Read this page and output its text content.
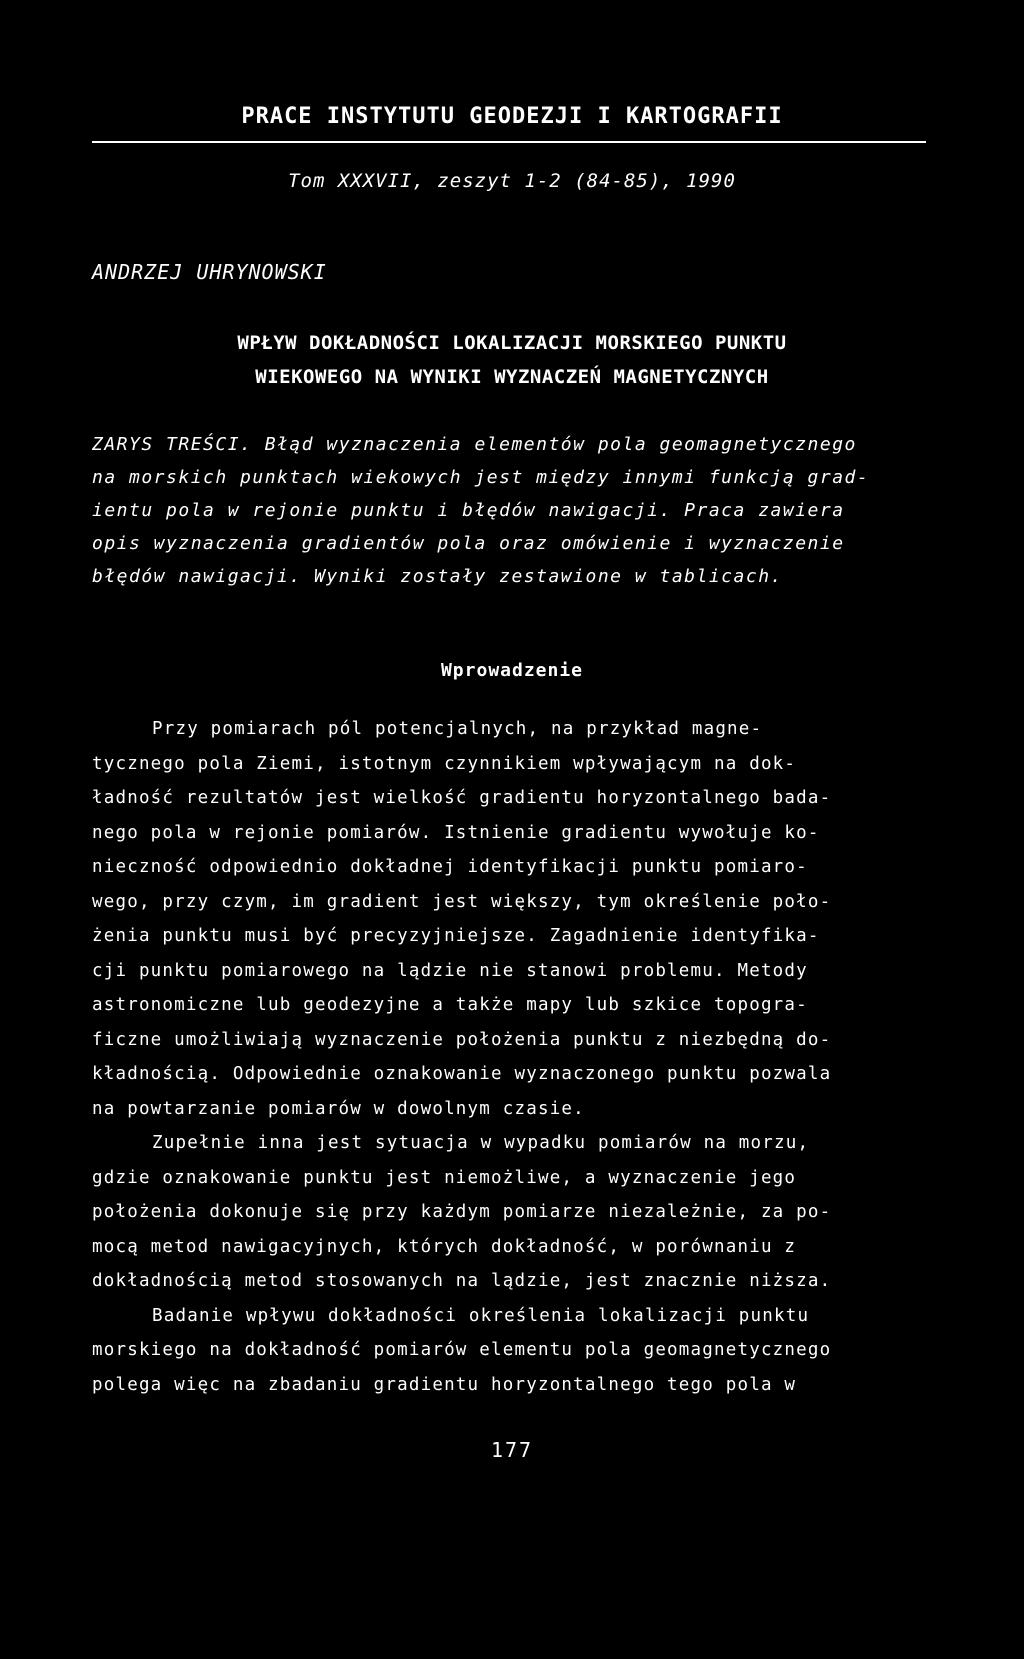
PRACE INSTYTUTU GEODEZJI I KARTOGRAFII
Tom XXXVII, zeszyt 1-2 (84-85), 1990
ANDRZEJ UHRYNOWSKI
WPŁYW DOKŁADNOŚCI LOKALIZACJI MORSKIEGO PUNKTU
WIEKOWEGO NA WYNIKI WYZNACZEŃ MAGNETYCZNYCH
ZARYS TREŚCI. Błąd wyznaczenia elementów pola geomagnetycznego
na morskich punktach wiekowych jest między innymi funkcją grad-
ientu pola w rejonie punktu i błędów nawigacji. Praca zawiera
opis wyznaczenia gradientów pola oraz omówienie i wyznaczenie
błędów nawigacji. Wyniki zostały zestawione w tablicach.
Wprowadzenie
Przy pomiarach pól potencjalnych, na przykład magne-
tycznego pola Ziemi, istotnym czynnikiem wpływającym na dok-
ładność rezultatów jest wielkość gradientu horyzontalnego bada-
nego pola w rejonie pomiarów. Istnienie gradientu wywołuje ko-
nieczność odpowiednio dokładnej identyfikacji punktu pomiaro-
wego, przy czym, im gradient jest większy, tym określenie poło-
żenia punktu musi być precyzyjniejsze. Zagadnienie identyfika-
cji punktu pomiarowego na lądzie nie stanowi problemu. Metody
astronomiczne lub geodezyjne a także mapy lub szkice topogra-
ficzne umożliwiają wyznaczenie położenia punktu z niezbędną do-
kładnością. Odpowiednie oznakowanie wyznaczonego punktu pozwala
na powtarzanie pomiarów w dowolnym czasie.
Zupełnie inna jest sytuacja w wypadku pomiarów na morzu,
gdzie oznakowanie punktu jest niemożliwe, a wyznaczenie jego
położenia dokonuje się przy każdym pomiarze niezależnie, za po-
mocą metod nawigacyjnych, których dokładność, w porównaniu z
dokładnością metod stosowanych na lądzie, jest znacznie niższa.
Badanie wpływu dokładności określenia lokalizacji punktu
morskiego na dokładność pomiarów elementu pola geomagnetycznego
polega więc na zbadaniu gradientu horyzontalnego tego pola w
177
